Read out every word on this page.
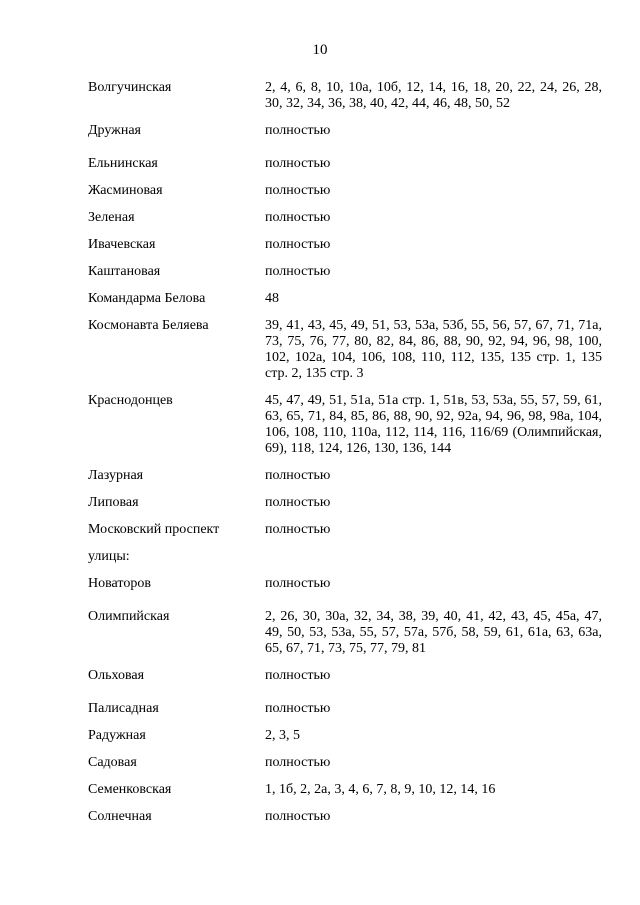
10
Волгучинская	2, 4, 6, 8, 10, 10а, 10б, 12, 14, 16, 18, 20, 22, 24, 26, 28, 30, 32, 34, 36, 38, 40, 42, 44, 46, 48, 50, 52
Дружная	полностью
Ельнинская	полностью
Жасминовая	полностью
Зеленая	полностью
Ивачевская	полностью
Каштановая	полностью
Командарма Белова	48
Космонавта Беляева	39, 41, 43, 45, 49, 51, 53, 53а, 53б, 55, 56, 57, 67, 71, 71а, 73, 75, 76, 77, 80, 82, 84, 86, 88, 90, 92, 94, 96, 98, 100, 102, 102а, 104, 106, 108, 110, 112, 135, 135 стр. 1, 135 стр. 2, 135 стр. 3
Краснодонцев	45, 47, 49, 51, 51а, 51а стр. 1, 51в, 53, 53а, 55, 57, 59, 61, 63, 65, 71, 84, 85, 86, 88, 90, 92, 92а, 94, 96, 98, 98а, 104, 106, 108, 110, 110а, 112, 114, 116, 116/69 (Олимпийская, 69), 118, 124, 126, 130, 136, 144
Лазурная	полностью
Липовая	полностью
Московский проспект	полностью
улицы:
Новаторов	полностью
Олимпийская	2, 26, 30, 30а, 32, 34, 38, 39, 40, 41, 42, 43, 45, 45а, 47, 49, 50, 53, 53а, 55, 57, 57а, 57б, 58, 59, 61, 61а, 63, 63а, 65, 67, 71, 73, 75, 77, 79, 81
Ольховая	полностью
Палисадная	полностью
Радужная	2, 3, 5
Садовая	полностью
Семенковская	1, 1б, 2, 2а, 3, 4, 6, 7, 8, 9, 10, 12, 14, 16
Солнечная	полностью
